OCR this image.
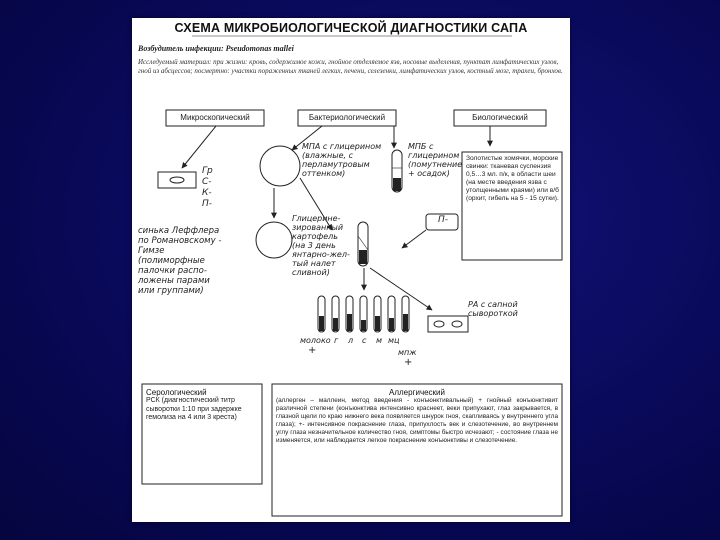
СХЕМА МИКРОБИОЛОГИЧЕСКОЙ ДИАГНОСТИКИ САПА
Возбудитель инфекции: Pseudomonas mallei
Исследуемый материал: при жизни: кровь, содержимое кожи, гнойное отделяемое язв, носовые выделения, пунктат лимфатических узлов, гной из абсцессов; посмертно: участки пораженных тканей легких, печени, селезенки, лимфатических узлов, костный мозг, трахеи, бронхов.
Микроскопический	Бактериологический	Биологический
Гр
С-
К-
П-
синька Леффлера
по Романовскому -
Гимзе
(полиморфные
палочки распо-
ложены парами
или группами)
МПА с глицерином
(влажные, с
перламутровым
оттенком)
МПБ с
глицерином
(помутнение
+ осадок)
Глицерине-
зированный
картофель
(на 3 день
янтарно-жел-
тый налет
сливной)
П-
Золотистые хомячки, морские свинки: тканевая суспензия 0,5…3 мл. п/к, в области шеи (на месте введения язва с утолщенными краями) или в/б (орхит, гибель на 5 - 15 сутки).
молоко
+
г л с м мц
мпж
+
РА с сапной
сывороткой
Серологический
РСК (диагностический титр сыворотки 1:10 при задержке гемолиза на 4 или 3 креста)
Аллергический
(аллерген – маллеин, метод введения - конъюнктивальный) + гнойный конъюнктивит различной степени (конъюнктива интенсивно краснеет, веки припухают, глаз закрывается, в глазной щели по краю нижнего века появляется шнурок гноя, скапливаясь у внутреннего угла глаза); +- интенсивное покраснение глаза, припухлость век и слезотечение, во внутреннем углу глаза незначительное количество гноя, симптомы быстро исчезают; - состояние глаза не изменяется, или наблюдается легкое покраснение конъюнктивы и слезотечение.
